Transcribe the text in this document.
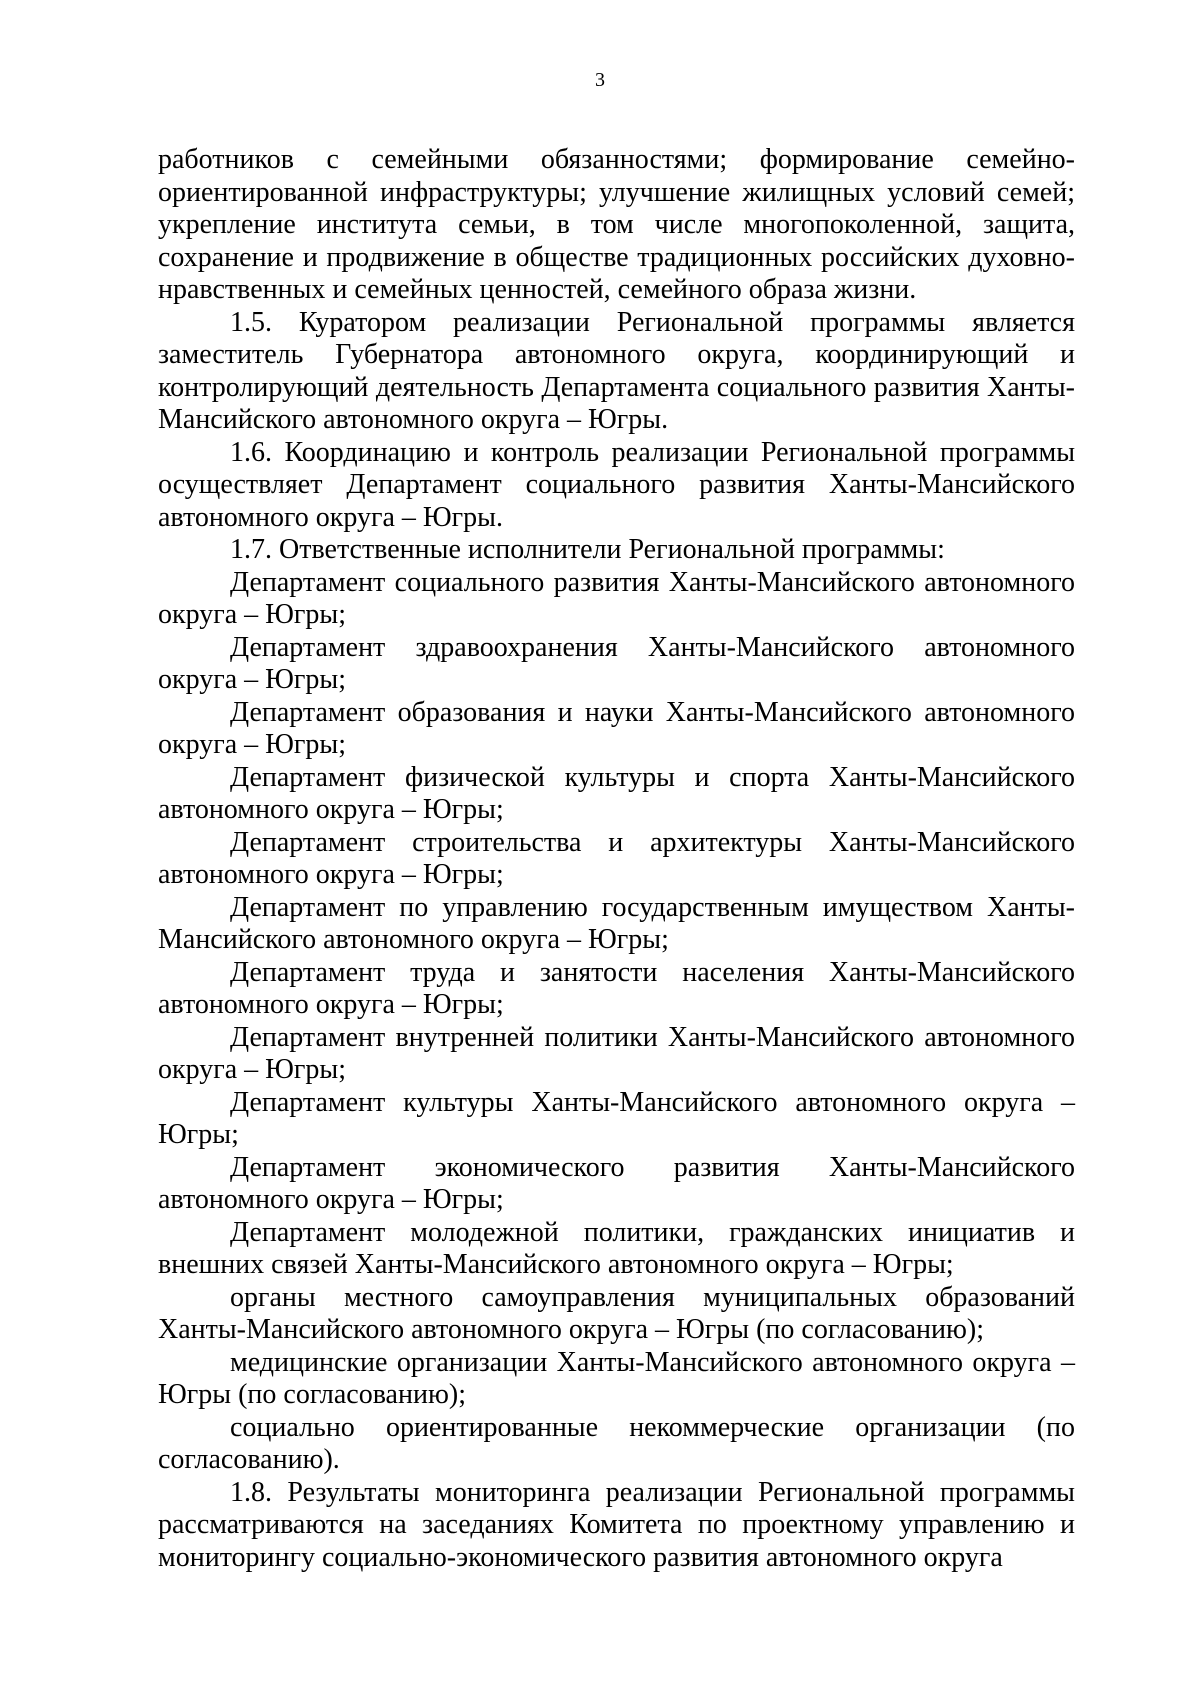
3

работников с семейными обязанностями; формирование семейно-ориентированной инфраструктуры; улучшение жилищных условий семей; укрепление института семьи, в том числе многопоколенной, защита, сохранение и продвижение в обществе традиционных российских духовно-нравственных и семейных ценностей, семейного образа жизни.

1.5. Куратором реализации Региональной программы является заместитель Губернатора автономного округа, координирующий и контролирующий деятельность Департамента социального развития Ханты-Мансийского автономного округа – Югры.

1.6. Координацию и контроль реализации Региональной программы осуществляет Департамент социального развития Ханты-Мансийского автономного округа – Югры.

1.7. Ответственные исполнители Региональной программы:

Департамент социального развития Ханты-Мансийского автономного округа – Югры;

Департамент здравоохранения Ханты-Мансийского автономного округа – Югры;

Департамент образования и науки Ханты-Мансийского автономного округа – Югры;

Департамент физической культуры и спорта Ханты-Мансийского автономного округа – Югры;

Департамент строительства и архитектуры Ханты-Мансийского автономного округа – Югры;

Департамент по управлению государственным имуществом Ханты-Мансийского автономного округа – Югры;

Департамент труда и занятости населения Ханты-Мансийского автономного округа – Югры;

Департамент внутренней политики Ханты-Мансийского автономного округа – Югры;

Департамент культуры Ханты-Мансийского автономного округа – Югры;

Департамент экономического развития Ханты-Мансийского автономного округа – Югры;

Департамент молодежной политики, гражданских инициатив и внешних связей Ханты-Мансийского автономного округа – Югры;

органы местного самоуправления муниципальных образований Ханты-Мансийского автономного округа – Югры (по согласованию);

медицинские организации Ханты-Мансийского автономного округа – Югры (по согласованию);

социально ориентированные некоммерческие организации (по согласованию).

1.8. Результаты мониторинга реализации Региональной программы рассматриваются на заседаниях Комитета по проектному управлению и мониторингу социально-экономического развития автономного округа
